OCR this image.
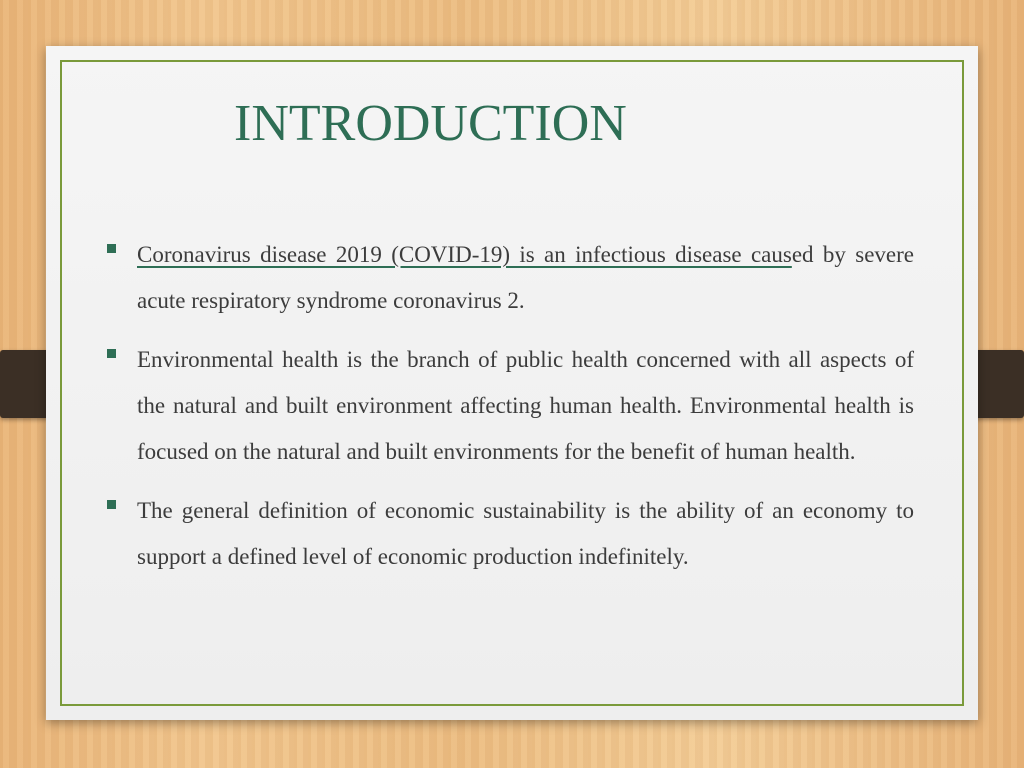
INTRODUCTION
Coronavirus disease 2019 (COVID-19) is an infectious disease caused by severe acute respiratory syndrome coronavirus 2.
Environmental health is the branch of public health concerned with all aspects of the natural and built environment affecting human health. Environmental health is focused on the natural and built environments for the benefit of human health.
The general definition of economic sustainability is the ability of an economy to support a defined level of economic production indefinitely.
